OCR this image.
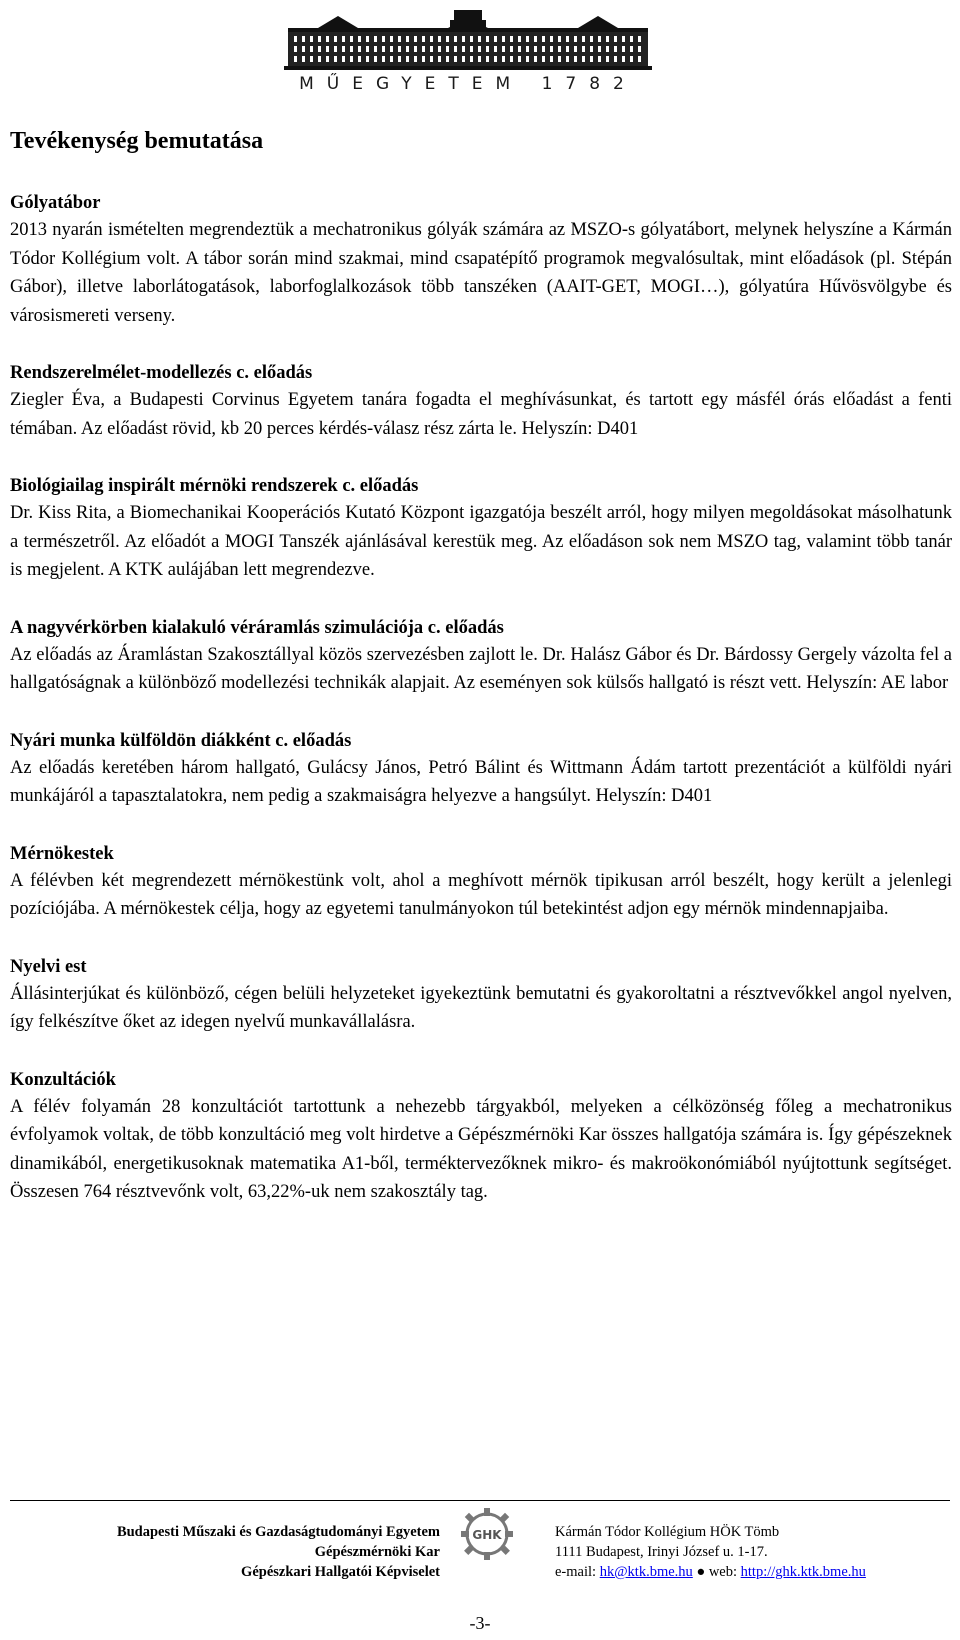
MŰEGYETEM 1782
Tevékenység bemutatása
Gólyatábor

2013 nyarán ismételten megrendeztük a mechatronikus gólyák számára az MSZO-s gólyatábort, melynek helyszíne a Kármán Tódor Kollégium volt. A tábor során mind szakmai, mind csapatépítő programok megvalósultak, mint előadások (pl. Stépán Gábor), illetve laborlátogatások, laborfoglalkozások több tanszéken (AAIT-GET, MOGI…), gólyatúra Hűvösvölgybe és városismereti verseny.

Rendszerelmélet-modellezés c. előadás

Ziegler Éva, a Budapesti Corvinus Egyetem tanára fogadta el meghívásunkat, és tartott egy másfél órás előadást a fenti témában. Az előadást rövid, kb 20 perces kérdés-válasz rész zárta le. Helyszín: D401

Biológiailag inspirált mérnöki rendszerek c. előadás

Dr. Kiss Rita, a Biomechanikai Kooperációs Kutató Központ igazgatója beszélt arról, hogy milyen megoldásokat másolhatunk a természetről. Az előadót a MOGI Tanszék ajánlásával kerestük meg. Az előadáson sok nem MSZO tag, valamint több tanár is megjelent. A KTK aulájában lett megrendezve.

A nagyvérkörben kialakuló véráramlás szimulációja c. előadás

Az előadás az Áramlástan Szakosztállyal közös szervezésben zajlott le. Dr. Halász Gábor és Dr. Bárdossy Gergely vázolta fel a hallgatóságnak a különböző modellezési technikák alapjait. Az eseményen sok külsős hallgató is részt vett. Helyszín: AE labor

Nyári munka külföldön diákként c. előadás

Az előadás keretében három hallgató, Gulácsy János, Petró Bálint és Wittmann Ádám tartott prezentációt a külföldi nyári munkájáról a tapasztalatokra, nem pedig a szakmaiságra helyezve a hangsúlyt. Helyszín: D401

Mérnökestek

A félévben két megrendezett mérnökestünk volt, ahol a meghívott mérnök tipikusan arról beszélt, hogy került a jelenlegi pozíciójába. A mérnökestek célja, hogy az egyetemi tanulmányokon túl betekintést adjon egy mérnök mindennapjaiba.

Nyelvi est

Állásinterjúkat és különböző, cégen belüli helyzeteket igyekeztünk bemutatni és gyakoroltatni a résztvevőkkel angol nyelven, így felkészítve őket az idegen nyelvű munkavállalásra.

Konzultációk

A félév folyamán 28 konzultációt tartottunk a nehezebb tárgyakból, melyeken a célközönség főleg a mechatronikus évfolyamok voltak, de több konzultáció meg volt hirdetve a Gépészmérnöki Kar összes hallgatója számára is. Így gépészeknek dinamikából, energetikusoknak matematika A1-ből, terméktervezőknek mikro- és makroökonómiából nyújtottunk segítséget. Összesen 764 résztvevőnk volt, 63,22%-uk nem szakosztály tag.

Budapesti Műszaki és Gazdaságtudományi Egyetem
Gépészmérnöki Kar
Gépészkari Hallgatói Képviselet
GHK	Kármán Tódor Kollégium HÖK Tömb
1111 Budapest, Irinyi József u. 1-17.
e-mail: hk@ktk.bme.hu ● web: http://ghk.ktk.bme.hu
-3-
